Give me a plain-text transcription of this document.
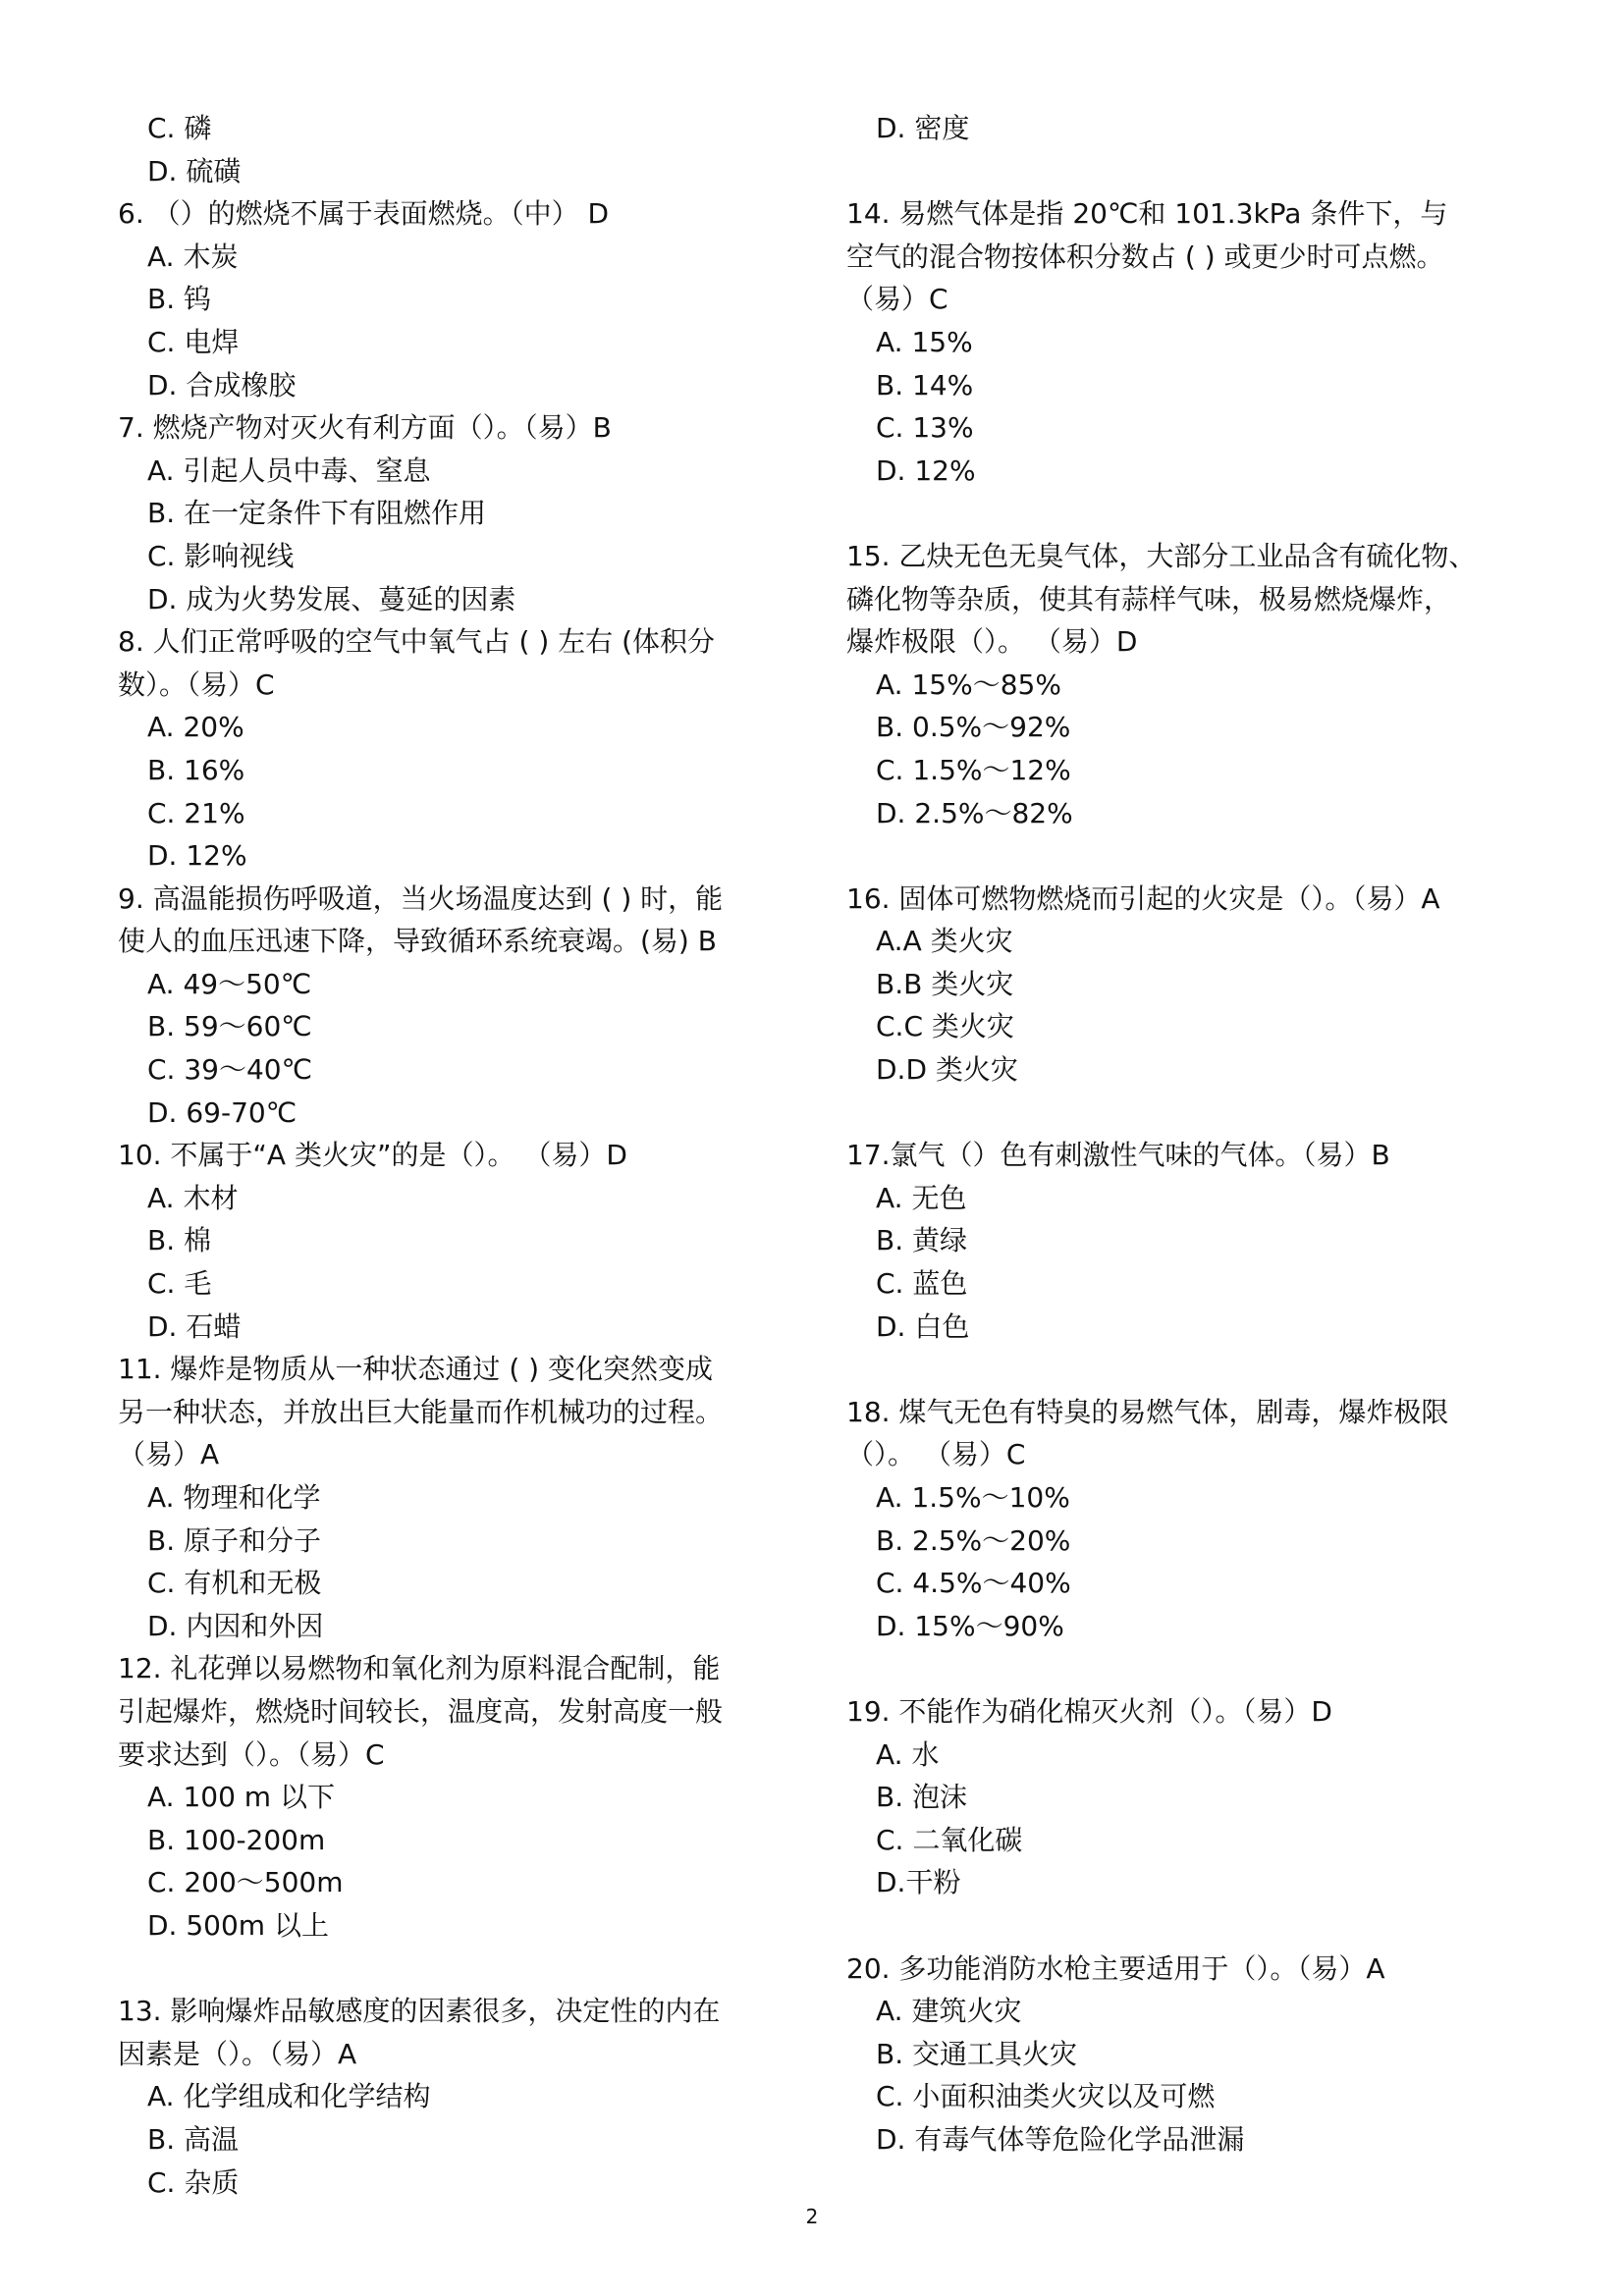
C. 磷
D. 硫磺
6. （）的燃烧不属于表面燃烧。（中） D
A. 木炭
B. 钨
C. 电焊
D. 合成橡胶
7. 燃烧产物对灭火有利方面（）。（易）B
A. 引起人员中毒、窒息
B. 在一定条件下有阻燃作用
C. 影响视线
D. 成为火势发展、蔓延的因素
8. 人们正常呼吸的空气中氧气占 ( ) 左右 (体积分
数）。（易）C
A. 20%
B. 16%
C. 21%
D. 12%
9. 高温能损伤呼吸道，当火场温度达到 ( ) 时，能
使人的血压迅速下降，导致循环系统衰竭。(易) B
A. 49～50℃
B. 59～60℃
C. 39～40℃
D. 69-70℃
10. 不属于“A 类火灾”的是（）。 （易）D
A. 木材
B. 棉
C. 毛
D. 石蜡
11. 爆炸是物质从一种状态通过 ( ) 变化突然变成
另一种状态，并放出巨大能量而作机械功的过程。
（易）A
A. 物理和化学
B. 原子和分子
C. 有机和无极
D. 内因和外因
12. 礼花弹以易燃物和氧化剂为原料混合配制，能
引起爆炸，燃烧时间较长，温度高，发射高度一般
要求达到（）。（易）C
A. 100 m 以下
B. 100-200m
C. 200～500m
D. 500m 以上
13. 影响爆炸品敏感度的因素很多，决定性的内在
因素是（）。（易）A
A. 化学组成和化学结构
B. 高温
C. 杂质
D. 密度
14. 易燃气体是指 20℃和 101.3kPa 条件下，与
空气的混合物按体积分数占 ( ) 或更少时可点燃。
（易）C
A. 15%
B. 14%
C. 13%
D. 12%
15. 乙炔无色无臭气体，大部分工业品含有硫化物、
磷化物等杂质，使其有蒜样气味，极易燃烧爆炸，
爆炸极限（）。 （易）D
A. 15%～85%
B. 0.5%～92%
C. 1.5%～12%
D. 2.5%～82%
16. 固体可燃物燃烧而引起的火灾是（）。（易）A
A.A 类火灾
B.B 类火灾
C.C 类火灾
D.D 类火灾
17.氯气（）色有刺激性气味的气体。（易）B
A. 无色
B. 黄绿
C. 蓝色
D. 白色
18. 煤气无色有特臭的易燃气体，剧毒，爆炸极限
（）。 （易）C
A. 1.5%～10%
B. 2.5%～20%
C. 4.5%～40%
D. 15%～90%
19. 不能作为硝化棉灭火剂（）。（易）D
A. 水
B. 泡沫
C. 二氧化碳
D.干粉
20. 多功能消防水枪主要适用于（）。（易）A
A. 建筑火灾
B. 交通工具火灾
C. 小面积油类火灾以及可燃
D. 有毒气体等危险化学品泄漏
2
